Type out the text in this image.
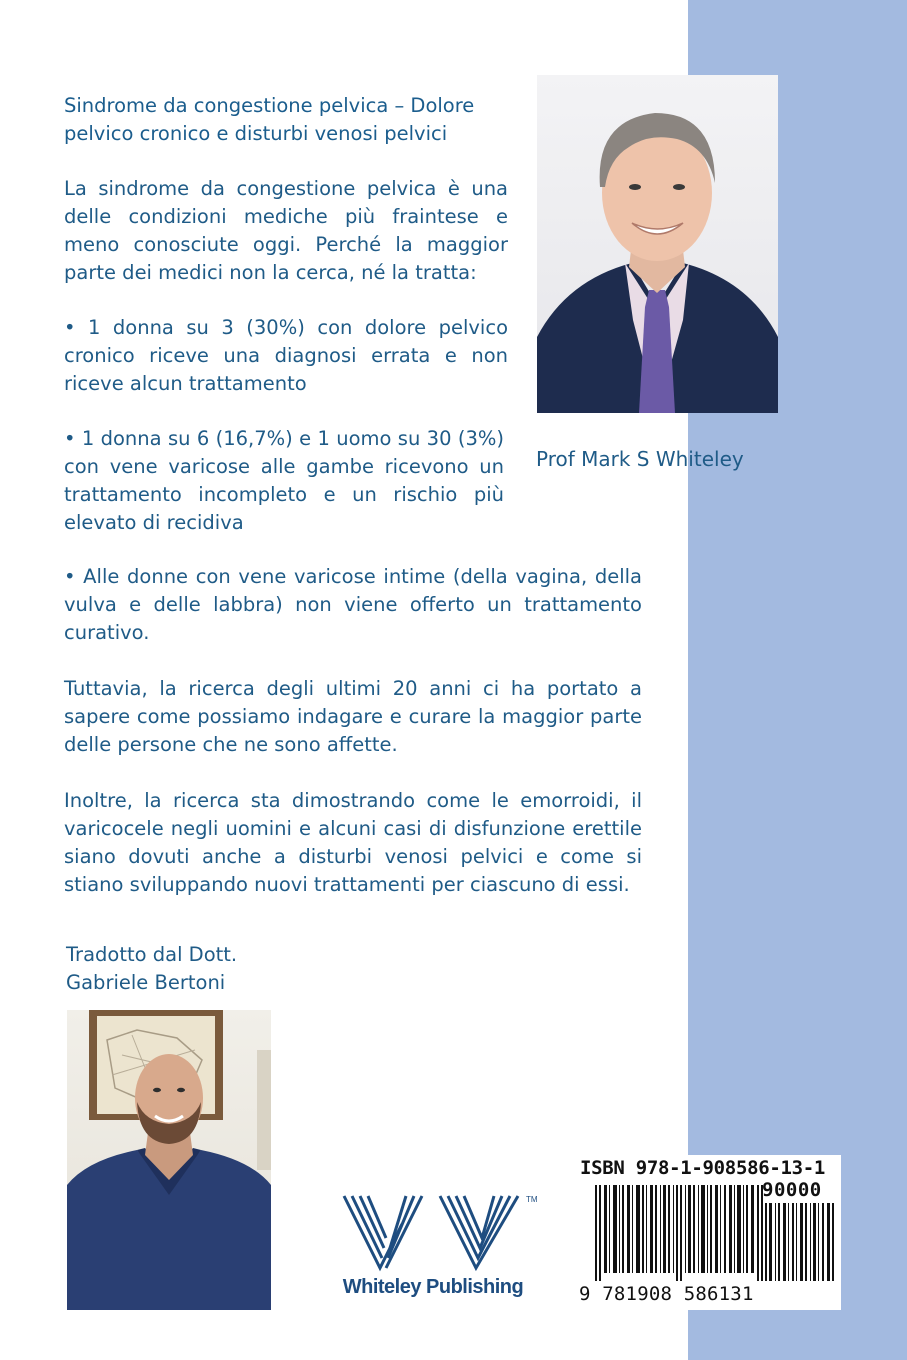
Sindrome da congestione pelvica – Dolore pelvico cronico e disturbi venosi pelvici
La sindrome da congestione pelvica è una delle condizioni mediche più fraintese e meno conosciute oggi. Perché la maggior parte dei medici non la cerca, né la tratta:
• 1 donna su 3 (30%) con dolore pelvico cronico riceve una diagnosi errata e non riceve alcun trattamento
• 1 donna su 6 (16,7%) e 1 uomo su 30 (3%) con vene varicose alle gambe ricevono un trattamento incompleto e un rischio più elevato di recidiva
• Alle donne con vene varicose intime (della vagina, della vulva e delle labbra) non viene offerto un trattamento curativo.
Tuttavia, la ricerca degli ultimi 20 anni ci ha portato a sapere come possiamo indagare e curare la maggior parte delle persone che ne sono affette.
Inoltre, la ricerca sta dimostrando come le emorroidi, il varicocele negli uomini e alcuni casi di disfunzione erettile siano dovuti anche a disturbi venosi pelvici e come si stiano sviluppando nuovi trattamenti per ciascuno di essi.
Prof Mark S Whiteley
Tradotto dal Dott.
Gabriele Bertoni
TM
Whiteley Publishing
ISBN 978-1-908586-13-1
90000
9 781908 586131
